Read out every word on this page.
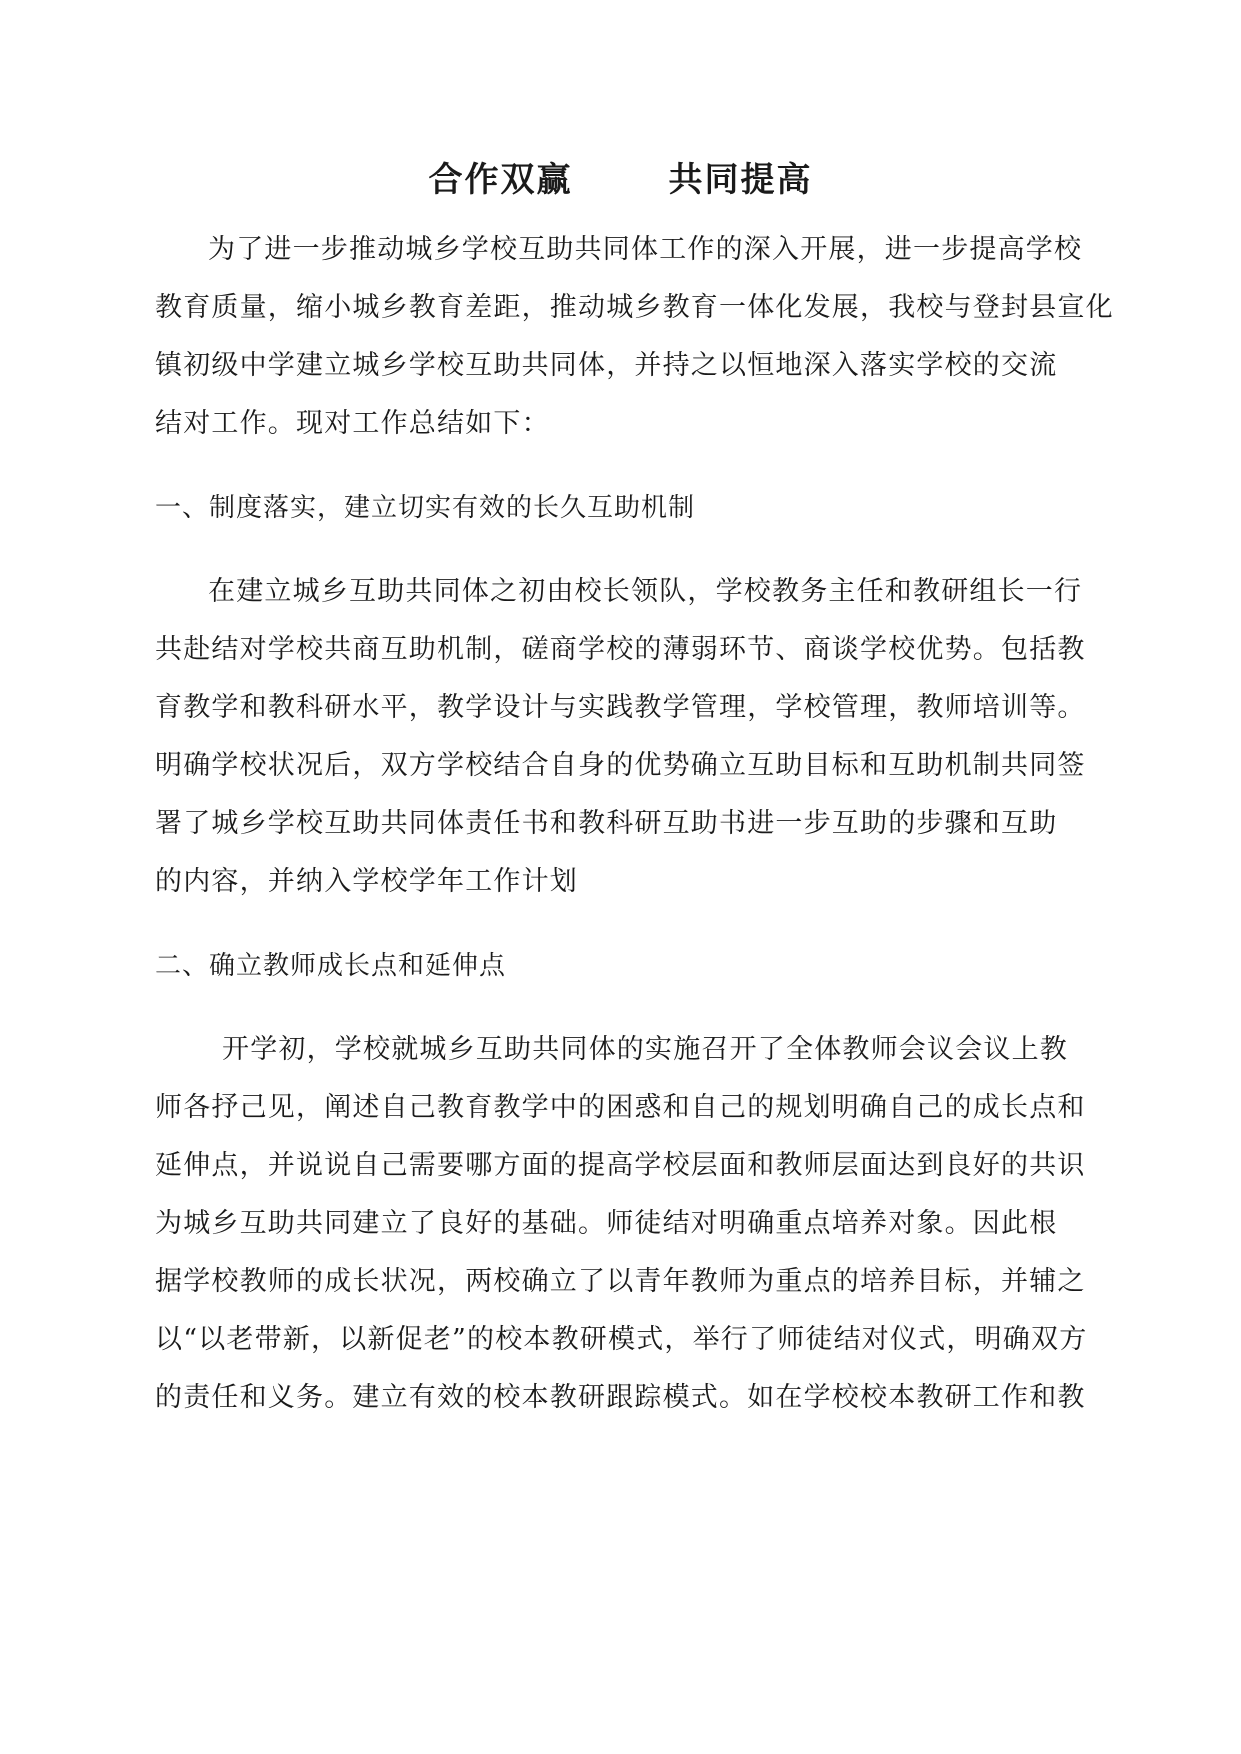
合作双赢	共同提高
为了进一步推动城乡学校互助共同体工作的深入开展，进一步提高学校
教育质量，缩小城乡教育差距，推动城乡教育一体化发展，我校与登封县宣化
镇初级中学建立城乡学校互助共同体，并持之以恒地深入落实学校的交流
结对工作。现对工作总结如下：
一、制度落实，建立切实有效的长久互助机制
在建立城乡互助共同体之初由校长领队，学校教务主任和教研组长一行
共赴结对学校共商互助机制，磋商学校的薄弱环节、商谈学校优势。包括教
育教学和教科研水平，教学设计与实践教学管理，学校管理，教师培训等。
明确学校状况后，双方学校结合自身的优势确立互助目标和互助机制共同签
署了城乡学校互助共同体责任书和教科研互助书进一步互助的步骤和互助
的内容，并纳入学校学年工作计划
二、确立教师成长点和延伸点
开学初，学校就城乡互助共同体的实施召开了全体教师会议会议上教
师各抒己见，阐述自己教育教学中的困惑和自己的规划明确自己的成长点和
延伸点，并说说自己需要哪方面的提高学校层面和教师层面达到良好的共识
为城乡互助共同建立了良好的基础。师徒结对明确重点培养对象。因此根
据学校教师的成长状况，两校确立了以青年教师为重点的培养目标，并辅之
以“以老带新，以新促老”的校本教研模式，举行了师徒结对仪式，明确双方
的责任和义务。建立有效的校本教研跟踪模式。如在学校校本教研工作和教
